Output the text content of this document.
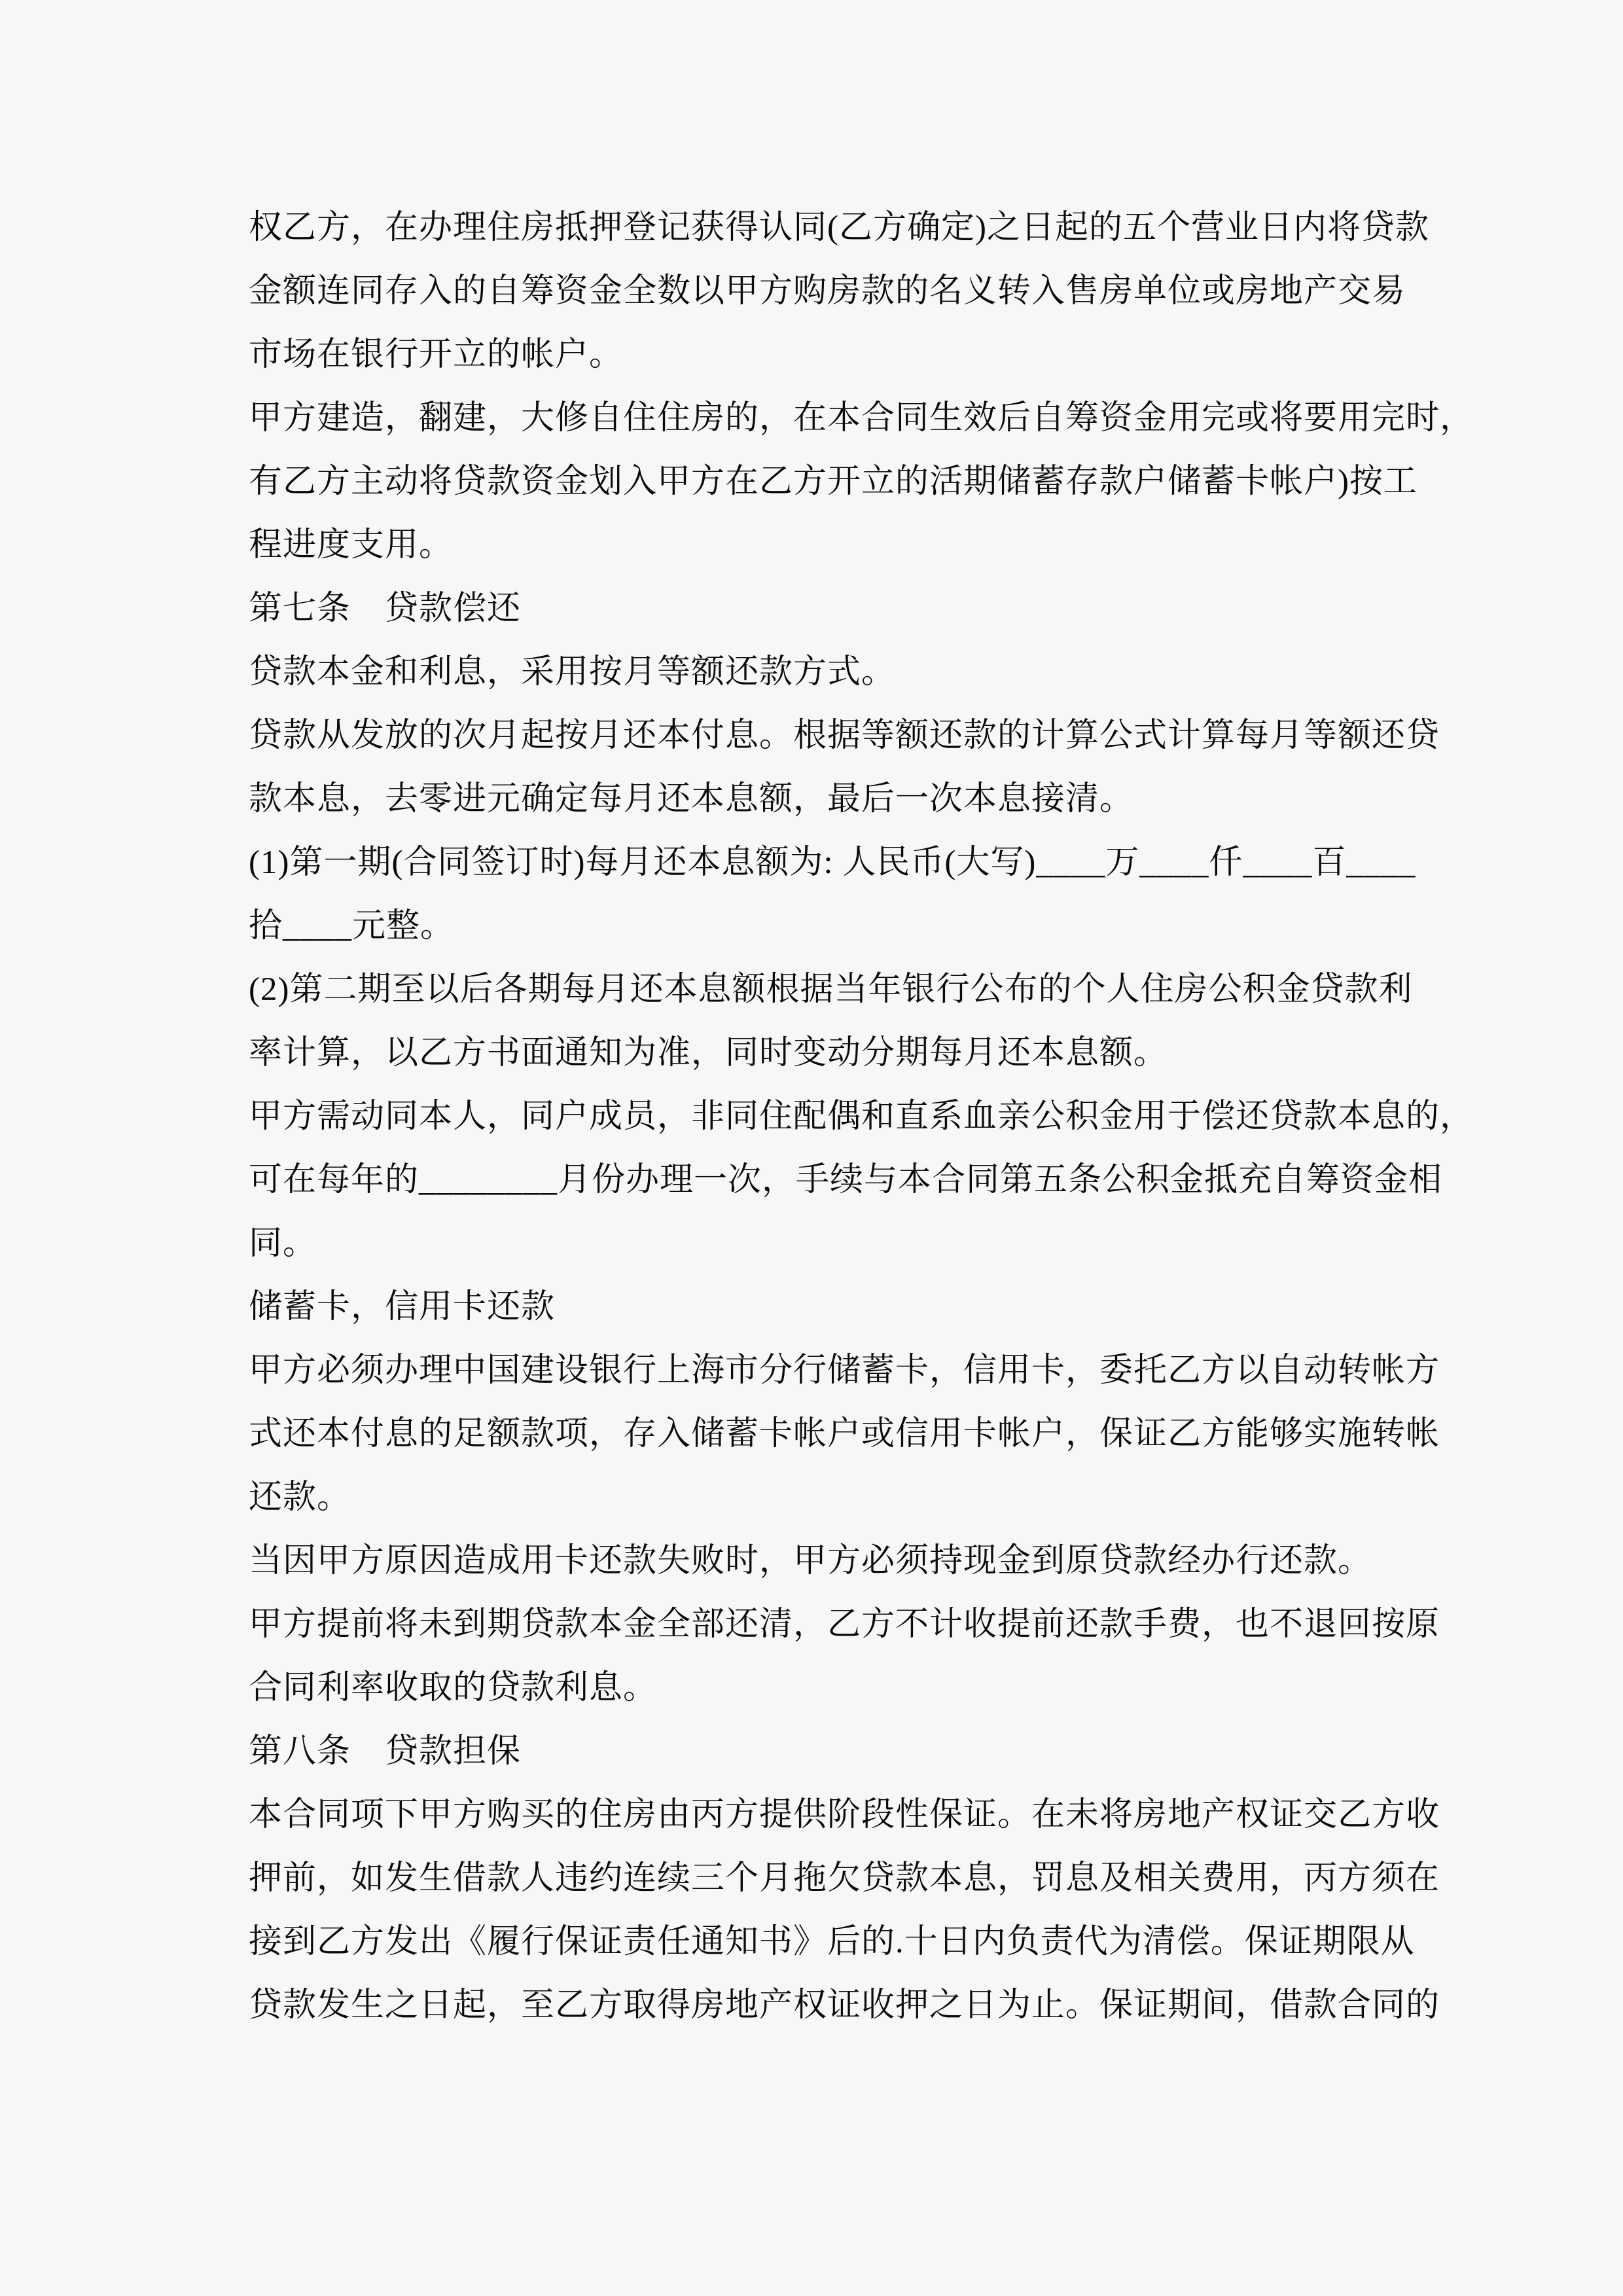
权乙方，在办理住房抵押登记获得认同(乙方确定)之日起的五个营业日内将贷款
金额连同存入的自筹资金全数以甲方购房款的名义转入售房单位或房地产交易
市场在银行开立的帐户。
甲方建造，翻建，大修自住住房的，在本合同生效后自筹资金用完或将要用完时，
有乙方主动将贷款资金划入甲方在乙方开立的活期储蓄存款户储蓄卡帐户)按工
程进度支用。
第七条　贷款偿还
贷款本金和利息，采用按月等额还款方式。
贷款从发放的次月起按月还本付息。根据等额还款的计算公式计算每月等额还贷
款本息，去零进元确定每月还本息额，最后一次本息接清。
(1)第一期(合同签订时)每月还本息额为: 人民币(大写)____万____仟____百____
拾____元整。
(2)第二期至以后各期每月还本息额根据当年银行公布的个人住房公积金贷款利
率计算，以乙方书面通知为准，同时变动分期每月还本息额。
甲方需动同本人，同户成员，非同住配偶和直系血亲公积金用于偿还贷款本息的，
可在每年的________月份办理一次，手续与本合同第五条公积金抵充自筹资金相
同。
储蓄卡，信用卡还款
甲方必须办理中国建设银行上海市分行储蓄卡，信用卡，委托乙方以自动转帐方
式还本付息的足额款项，存入储蓄卡帐户或信用卡帐户，保证乙方能够实施转帐
还款。
当因甲方原因造成用卡还款失败时，甲方必须持现金到原贷款经办行还款。
甲方提前将未到期贷款本金全部还清，乙方不计收提前还款手费，也不退回按原
合同利率收取的贷款利息。
第八条　贷款担保
本合同项下甲方购买的住房由丙方提供阶段性保证。在未将房地产权证交乙方收
押前，如发生借款人违约连续三个月拖欠贷款本息，罚息及相关费用，丙方须在
接到乙方发出《履行保证责任通知书》后的.十日内负责代为清偿。保证期限从
贷款发生之日起，至乙方取得房地产权证收押之日为止。保证期间，借款合同的
